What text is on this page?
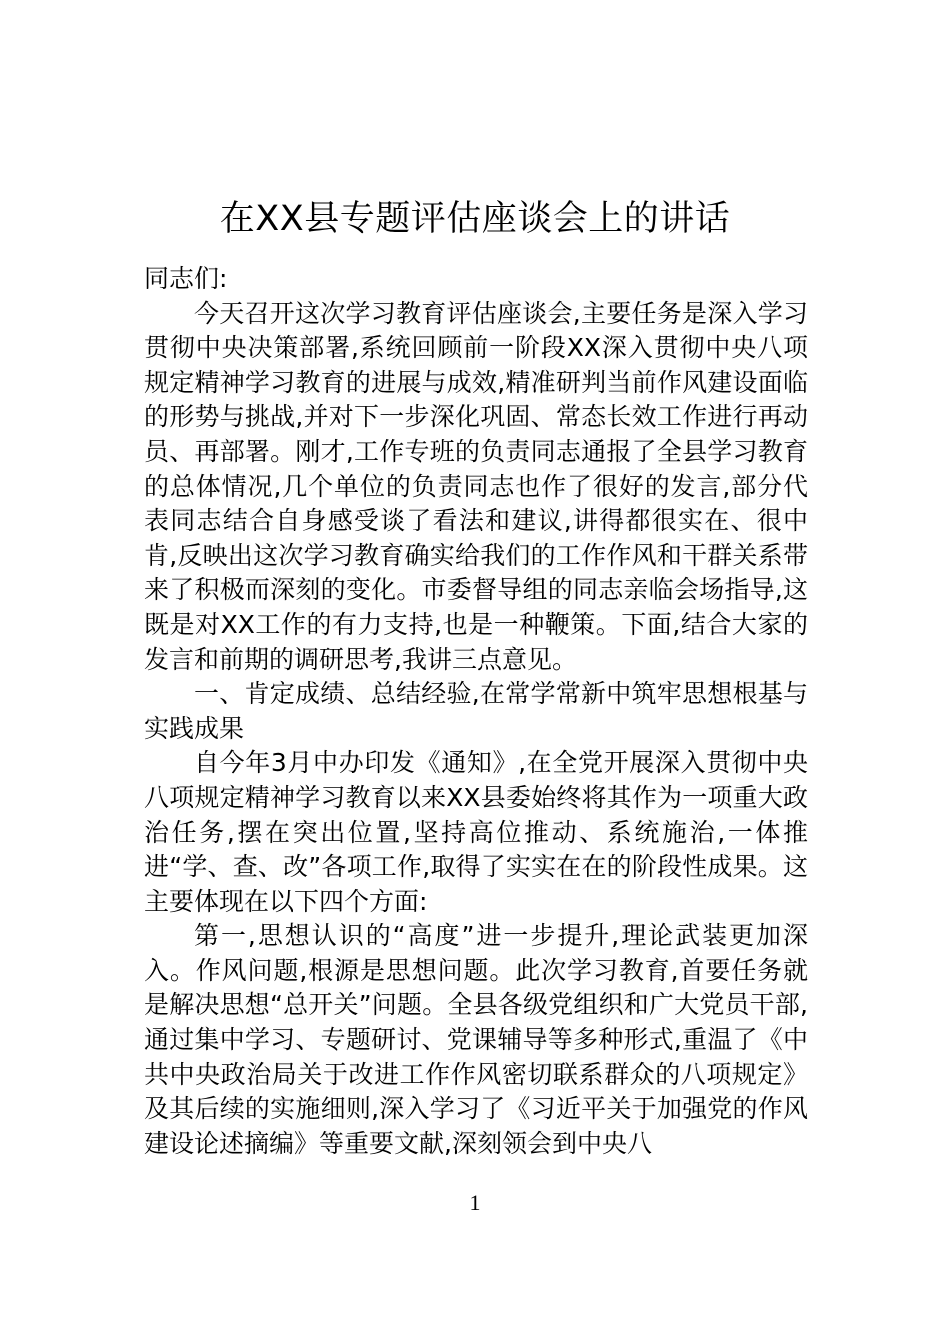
在XX县专题评估座谈会上的讲话

同志们:

今天召开这次学习教育评估座谈会,主要任务是深入学习贯彻中央决策部署,系统回顾前一阶段XX深入贯彻中央八项规定精神学习教育的进展与成效,精准研判当前作风建设面临的形势与挑战,并对下一步深化巩固、常态长效工作进行再动员、再部署。刚才,工作专班的负责同志通报了全县学习教育的总体情况,几个单位的负责同志也作了很好的发言,部分代表同志结合自身感受谈了看法和建议,讲得都很实在、很中肯,反映出这次学习教育确实给我们的工作作风和干群关系带来了积极而深刻的变化。市委督导组的同志亲临会场指导,这既是对XX工作的有力支持,也是一种鞭策。下面,结合大家的发言和前期的调研思考,我讲三点意见。

一、肯定成绩、总结经验,在常学常新中筑牢思想根基与实践成果

自今年3月中办印发《通知》,在全党开展深入贯彻中央八项规定精神学习教育以来XX县委始终将其作为一项重大政治任务,摆在突出位置,坚持高位推动、系统施治,一体推进“学、查、改”各项工作,取得了实实在在的阶段性成果。这主要体现在以下四个方面:

第一,思想认识的“高度”进一步提升,理论武装更加深入。作风问题,根源是思想问题。此次学习教育,首要任务就是解决思想“总开关”问题。全县各级党组织和广大党员干部,通过集中学习、专题研讨、党课辅导等多种形式,重温了《中共中央政治局关于改进工作作风密切联系群众的八项规定》及其后续的实施细则,深入学习了《习近平关于加强党的作风建设论述摘编》等重要文献,深刻领会到中央八

1
